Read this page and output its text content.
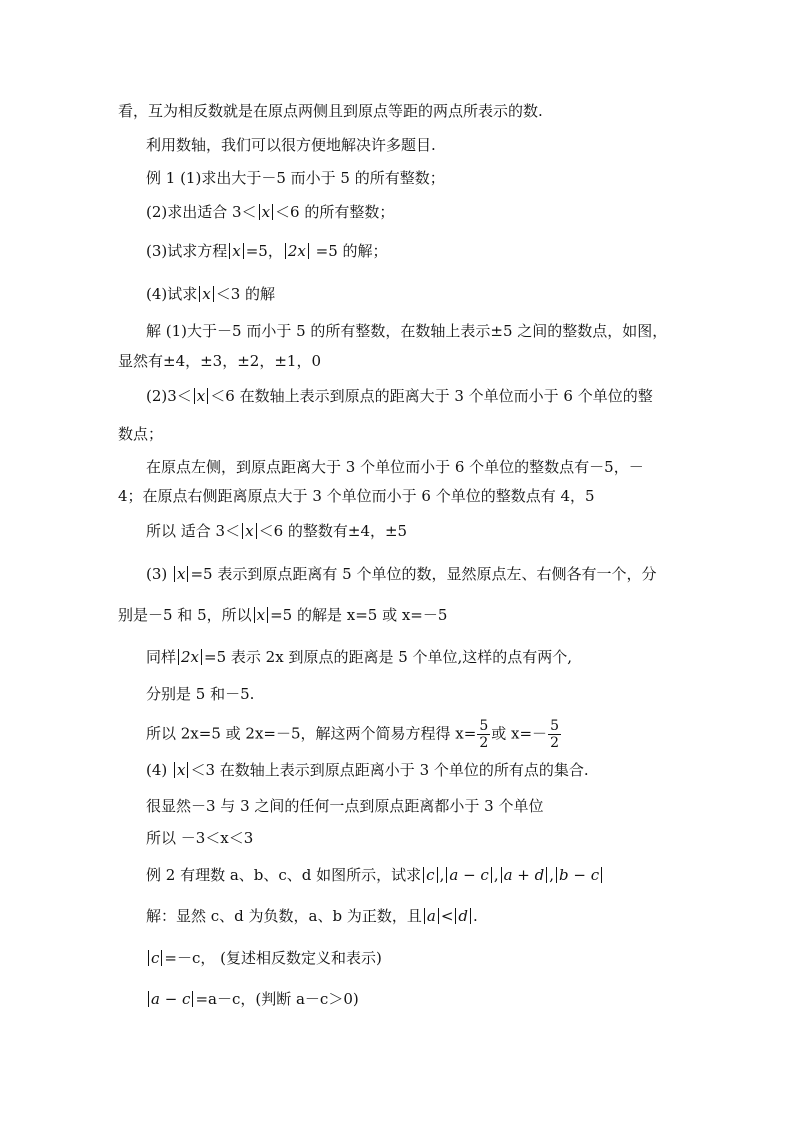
看，互为相反数就是在原点两侧且到原点等距的两点所表示的数.
利用数轴，我们可以很方便地解决许多题目.
例 1 (1)求出大于－5 而小于 5 的所有整数；
(2)求出适合 3＜ x ＜6 的所有整数；
(3)试求方程 x =5， 2x =5 的解；
(4)试求 x ＜3 的解
解 (1)大于－5 而小于 5 的所有整数，在数轴上表示±5 之间的整数点，如图，
显然有±4，±3，±2，±1，0
(2)3＜ x ＜6 在数轴上表示到原点的距离大于 3 个单位而小于 6 个单位的整
数点；
在原点左侧，到原点距离大于 3 个单位而小于 6 个单位的整数点有－5，－
4；在原点右侧距离原点大于 3 个单位而小于 6 个单位的整数点有 4，5
所以 适合 3＜ x ＜6 的整数有±4，±5
(3) x =5 表示到原点距离有 5 个单位的数，显然原点左、右侧各有一个，分
别是－5 和 5，所以 x =5 的解是 x=5 或 x=－5
同样 2x =5 表示 2x 到原点的距离是 5 个单位,这样的点有两个,
分别是 5 和－5.
所以 2x=5 或 2x=－5，解这两个简易方程得 $x= \frac{5}{2}$ 或 $x=- \frac{5}{2}$
(4) x ＜3 在数轴上表示到原点距离小于 3 个单位的所有点的集合.
很显然－3 与 3 之间的任何一点到原点距离都小于 3 个单位
所以 －3＜x＜3
例 2 有理数 a、b、c、d 如图所示，试求 c , a − c , a + d , b − c
解：显然 c、d 为负数，a、b 为正数，且 a < d .
c =－c， (复述相反数定义和表示)
a − c =a－c，(判断 a－c＞0)
